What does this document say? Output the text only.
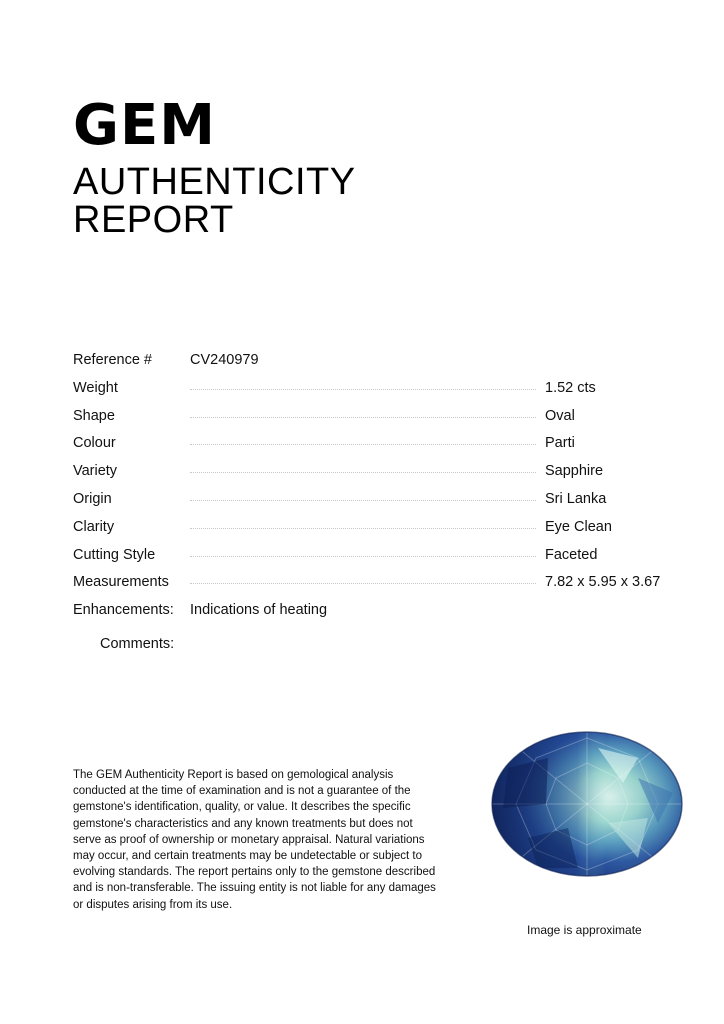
GEM
AUTHENTICITY
REPORT
Reference #	CV240979
Weight	1.52 cts
Shape	Oval
Colour	Parti
Variety	Sapphire
Origin	Sri Lanka
Clarity	Eye Clean
Cutting Style	Faceted
Measurements	7.82 x 5.95 x 3.67
Enhancements: Indications of heating
Comments:
The GEM Authenticity Report is based on gemological analysis conducted at the time of examination and is not a guarantee of the gemstone's identification, quality, or value. It describes the specific gemstone's characteristics and any known treatments but does not serve as proof of ownership or monetary appraisal. Natural variations may occur, and certain treatments may be undetectable or subject to evolving standards. The report pertains only to the gemstone described and is non-transferable. The issuing entity is not liable for any damages or disputes arising from its use.
Image is approximate
